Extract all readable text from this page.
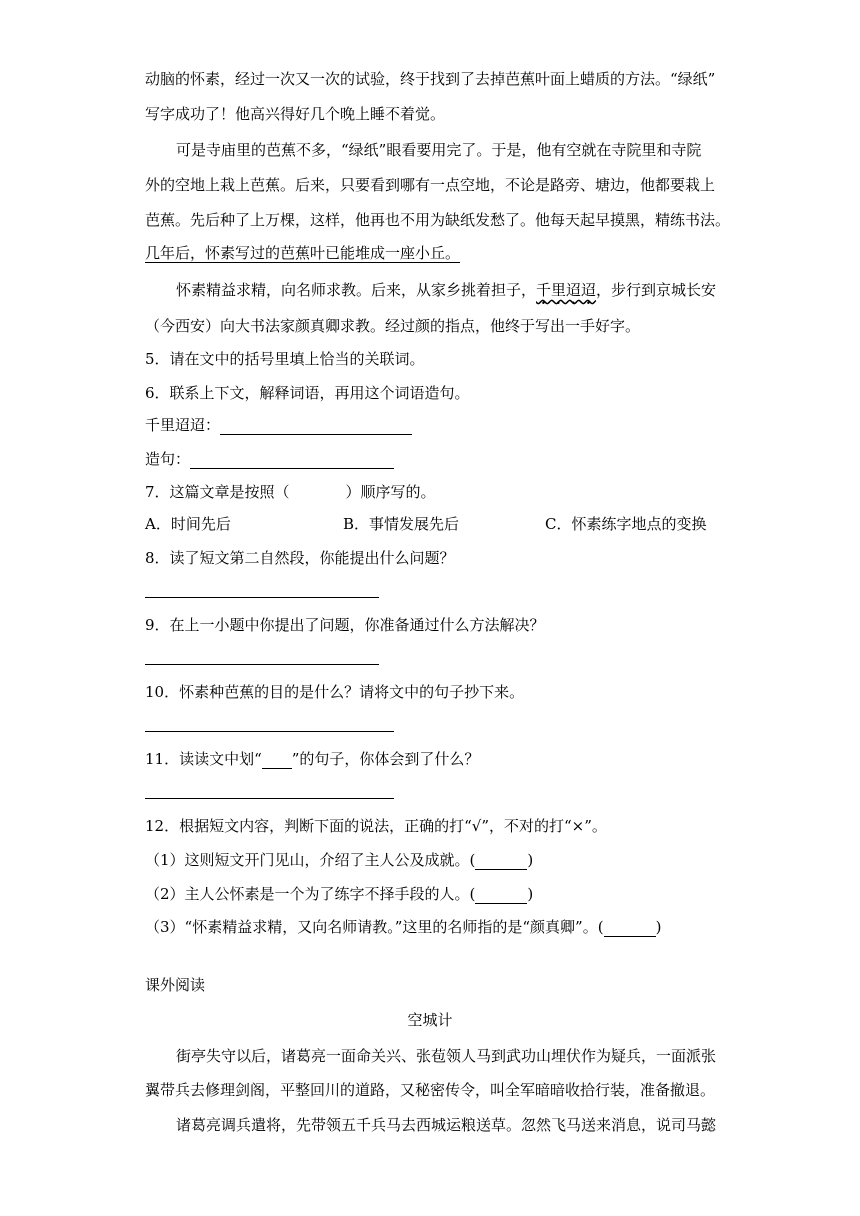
动脑的怀素，经过一次又一次的试验，终于找到了去掉芭蕉叶面上蜡质的方法。“绿纸”
写字成功了！他高兴得好几个晚上睡不着觉。
可是寺庙里的芭蕉不多，“绿纸”眼看要用完了。于是，他有空就在寺院里和寺院
外的空地上栽上芭蕉。后来，只要看到哪有一点空地，不论是路旁、塘边，他都要栽上
芭蕉。先后种了上万棵，这样，他再也不用为缺纸发愁了。他每天起早摸黑，精练书法。
几年后，怀素写过的芭蕉叶已能堆成一座小丘。
怀素精益求精，向名师求教。后来，从家乡挑着担子，千里迢迢，步行到京城长安
（今西安）向大书法家颜真卿求教。经过颜的指点，他终于写出一手好字。
5．请在文中的括号里填上恰当的关联词。
6．联系上下文，解释词语，再用这个词语造句。
千里迢迢：
造句：
7．这篇文章是按照（	）顺序写的。
A．时间先后	B．事情发展先后	C．怀素练字地点的变换
8．读了短文第二自然段，你能提出什么问题？
9．在上一小题中你提出了问题，你准备通过什么方法解决？
10．怀素种芭蕉的目的是什么？请将文中的句子抄下来。
11．读读文中划“ ”的句子，你体会到了什么？
12．根据短文内容，判断下面的说法，正确的打“√”，不对的打“×”。
（1）这则短文开门见山，介绍了主人公及成就。(	)
（2）主人公怀素是一个为了练字不择手段的人。(	)
（3）“怀素精益求精，又向名师请教。”这里的名师指的是“颜真卿”。(	)
课外阅读
空城计
街亭失守以后，诸葛亮一面命关兴、张苞领人马到武功山埋伏作为疑兵，一面派张
翼带兵去修理剑阁，平整回川的道路，又秘密传令，叫全军暗暗收拾行装，准备撤退。
诸葛亮调兵遣将，先带领五千兵马去西城运粮送草。忽然飞马送来消息，说司马懿
